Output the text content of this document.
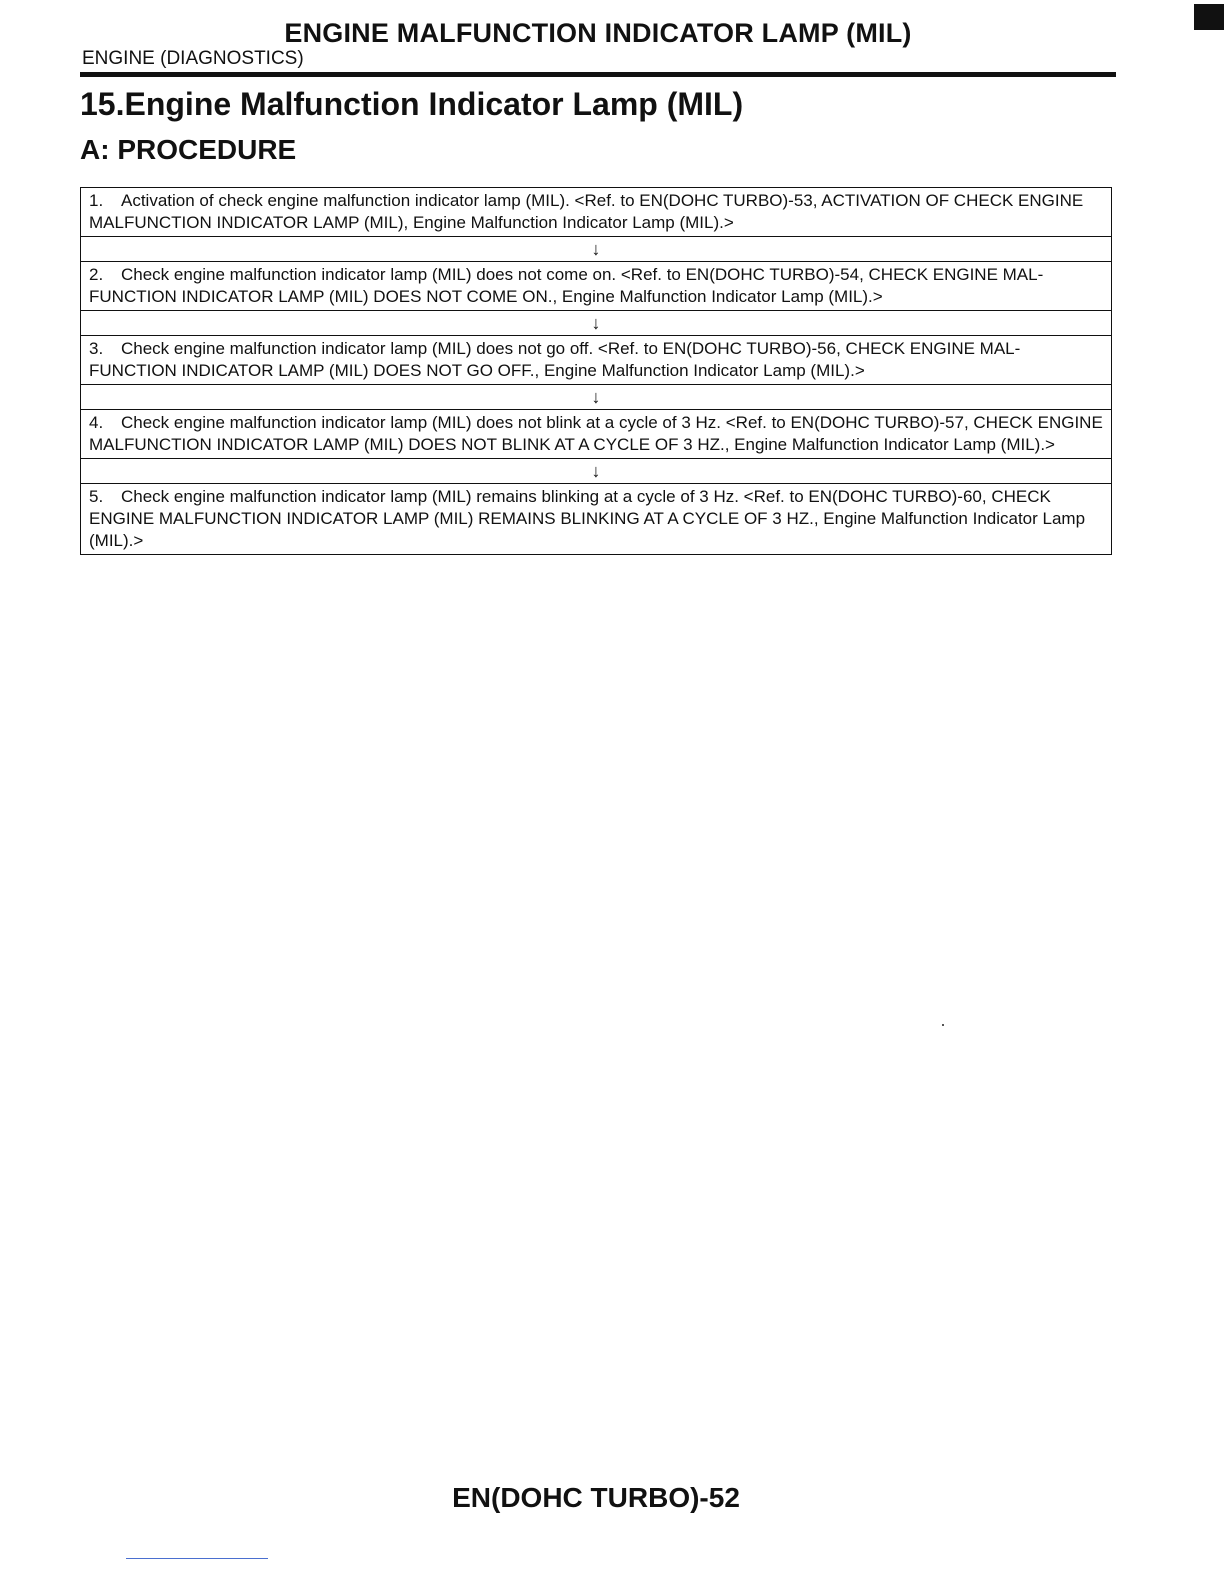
ENGINE MALFUNCTION INDICATOR LAMP (MIL)
ENGINE (DIAGNOSTICS)
15.Engine Malfunction Indicator Lamp (MIL)
A: PROCEDURE
1. Activation of check engine malfunction indicator lamp (MIL). <Ref. to EN(DOHC TURBO)-53, ACTIVATION OF CHECK ENGINE MALFUNCTION INDICATOR LAMP (MIL), Engine Malfunction Indicator Lamp (MIL).>
↓
2. Check engine malfunction indicator lamp (MIL) does not come on. <Ref. to EN(DOHC TURBO)-54, CHECK ENGINE MAL-FUNCTION INDICATOR LAMP (MIL) DOES NOT COME ON., Engine Malfunction Indicator Lamp (MIL).>
↓
3. Check engine malfunction indicator lamp (MIL) does not go off. <Ref. to EN(DOHC TURBO)-56, CHECK ENGINE MAL-FUNCTION INDICATOR LAMP (MIL) DOES NOT GO OFF., Engine Malfunction Indicator Lamp (MIL).>
↓
4. Check engine malfunction indicator lamp (MIL) does not blink at a cycle of 3 Hz. <Ref. to EN(DOHC TURBO)-57, CHECK ENGINE MALFUNCTION INDICATOR LAMP (MIL) DOES NOT BLINK AT A CYCLE OF 3 HZ., Engine Malfunction Indicator Lamp (MIL).>
↓
5. Check engine malfunction indicator lamp (MIL) remains blinking at a cycle of 3 Hz. <Ref. to EN(DOHC TURBO)-60, CHECK ENGINE MALFUNCTION INDICATOR LAMP (MIL) REMAINS BLINKING AT A CYCLE OF 3 HZ., Engine Malfunction Indicator Lamp (MIL).>
EN(DOHC TURBO)-52
